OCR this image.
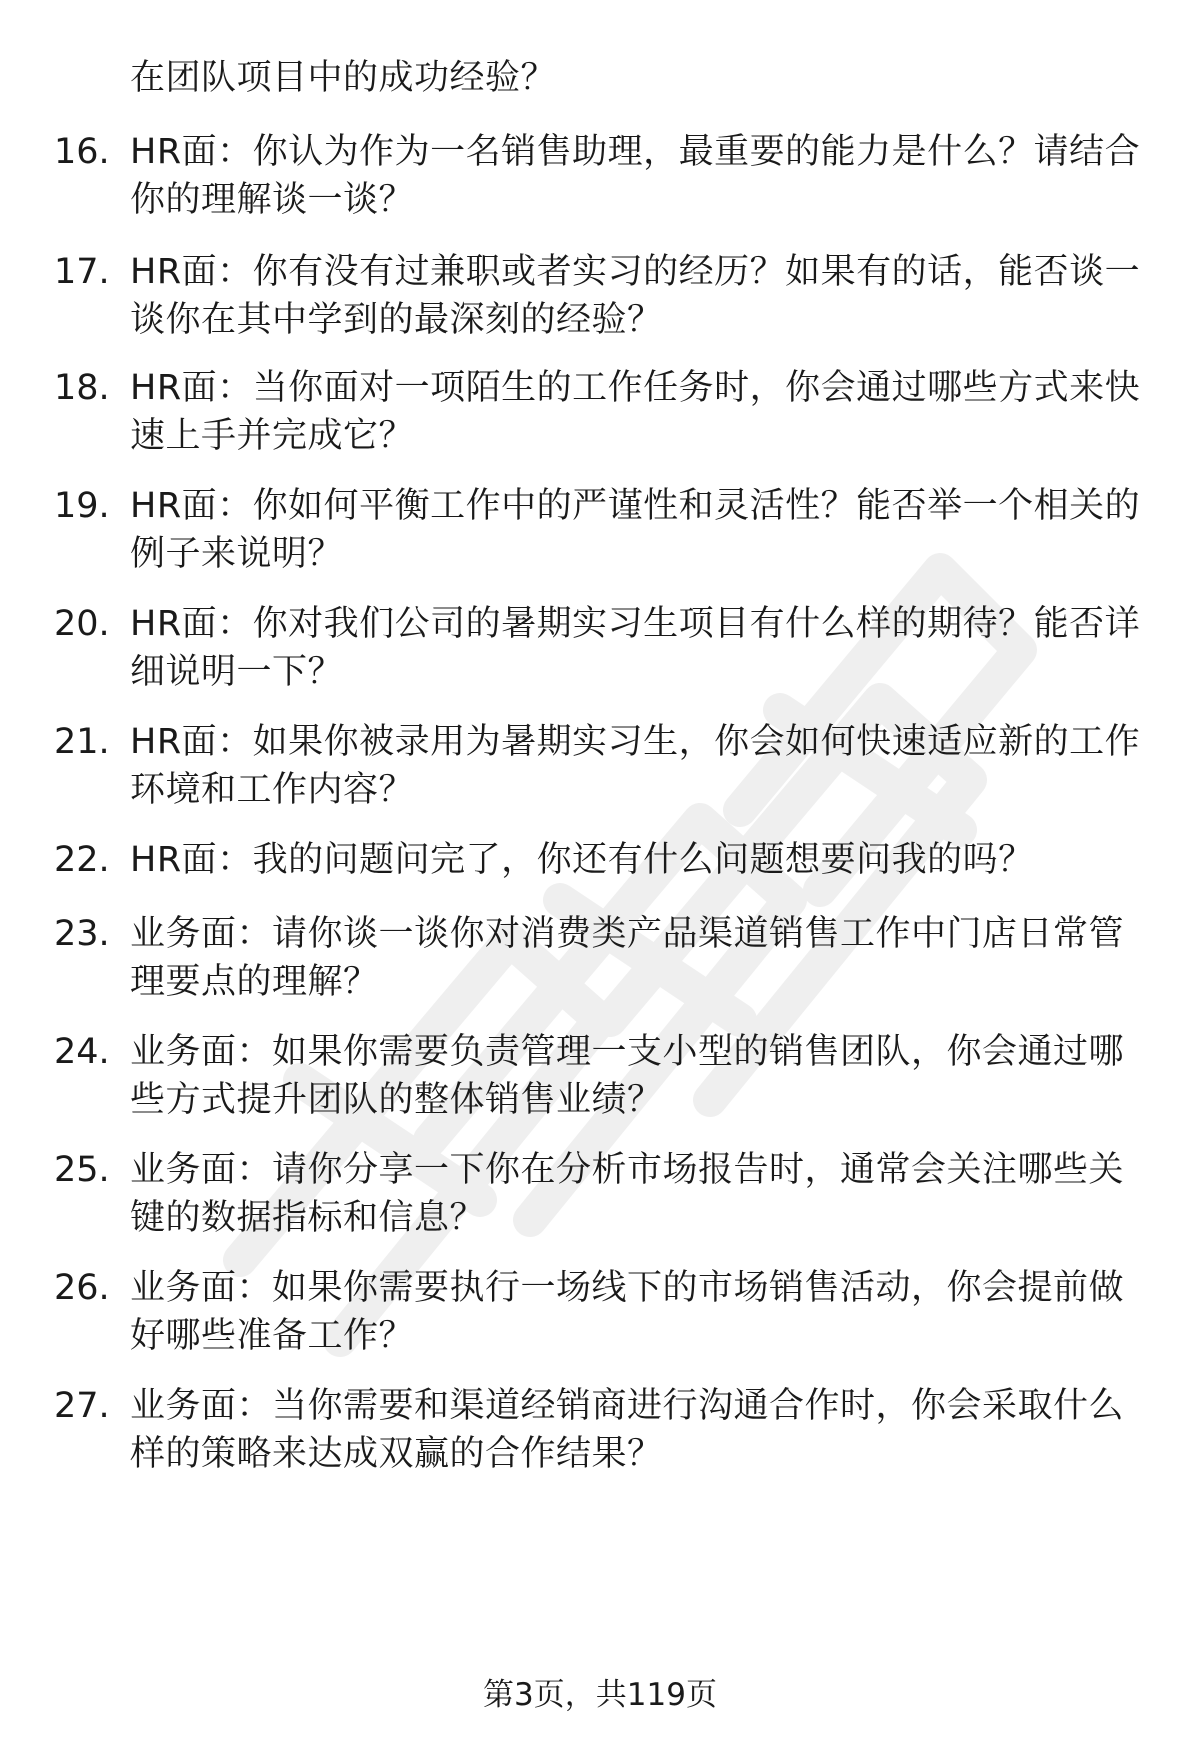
在团队项目中的成功经验？
16. HR面：你认为作为一名销售助理，最重要的能力是什么？请结合
你的理解谈一谈？
17. HR面：你有没有过兼职或者实习的经历？如果有的话，能否谈一
谈你在其中学到的最深刻的经验？
18. HR面：当你面对一项陌生的工作任务时，你会通过哪些方式来快
速上手并完成它？
19. HR面：你如何平衡工作中的严谨性和灵活性？能否举一个相关的
例子来说明？
20. HR面：你对我们公司的暑期实习生项目有什么样的期待？能否详
细说明一下？
21. HR面：如果你被录用为暑期实习生，你会如何快速适应新的工作
环境和工作内容？
22. HR面：我的问题问完了，你还有什么问题想要问我的吗？
23. 业务面：请你谈一谈你对消费类产品渠道销售工作中门店日常管
理要点的理解？
24. 业务面：如果你需要负责管理一支小型的销售团队，你会通过哪
些方式提升团队的整体销售业绩？
25. 业务面：请你分享一下你在分析市场报告时，通常会关注哪些关
键的数据指标和信息？
26. 业务面：如果你需要执行一场线下的市场销售活动，你会提前做
好哪些准备工作？
27. 业务面：当你需要和渠道经销商进行沟通合作时，你会采取什么
样的策略来达成双赢的合作结果？
第3页，共119页
